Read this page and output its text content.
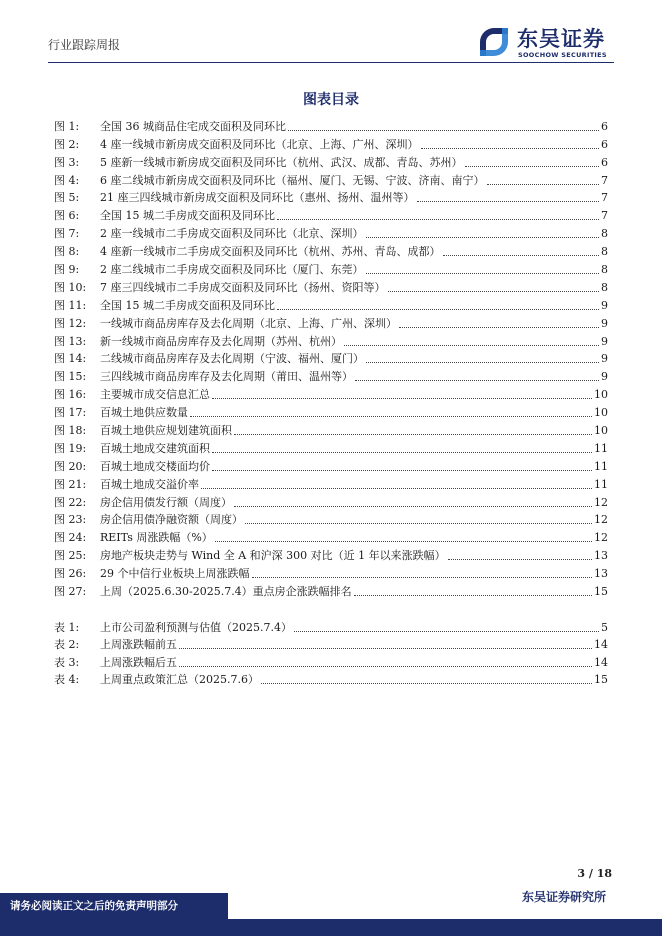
行业跟踪周报	东吴证券
SOOCHOW SECURITIES
图表目录
图 1:	全国 36 城商品住宅成交面积及同环比	6
图 2:	4 座一线城市新房成交面积及同环比（北京、上海、广州、深圳）	6
图 3:	5 座新一线城市新房成交面积及同环比（杭州、武汉、成都、青岛、苏州）	6
图 4:	6 座二线城市新房成交面积及同环比（福州、厦门、无锡、宁波、济南、南宁）	7
图 5:	21 座三四线城市新房成交面积及同环比（惠州、扬州、温州等）	7
图 6:	全国 15 城二手房成交面积及同环比	7
图 7:	2 座一线城市二手房成交面积及同环比（北京、深圳）	8
图 8:	4 座新一线城市二手房成交面积及同环比（杭州、苏州、青岛、成都）	8
图 9:	2 座二线城市二手房成交面积及同环比（厦门、东莞）	8
图 10:	7 座三四线城市二手房成交面积及同环比（扬州、资阳等）	8
图 11:	全国 15 城二手房成交面积及同环比	9
图 12:	一线城市商品房库存及去化周期（北京、上海、广州、深圳）	9
图 13:	新一线城市商品房库存及去化周期（苏州、杭州）	9
图 14:	二线城市商品房库存及去化周期（宁波、福州、厦门）	9
图 15:	三四线城市商品房库存及去化周期（莆田、温州等）	9
图 16:	主要城市成交信息汇总	10
图 17:	百城土地供应数量	10
图 18:	百城土地供应规划建筑面积	10
图 19:	百城土地成交建筑面积	11
图 20:	百城土地成交楼面均价	11
图 21:	百城土地成交溢价率	11
图 22:	房企信用债发行额（周度）	12
图 23:	房企信用债净融资额（周度）	12
图 24:	REITs 周涨跌幅（%）	12
图 25:	房地产板块走势与 Wind 全 A 和沪深 300 对比（近 1 年以来涨跌幅）	13
图 26:	29 个中信行业板块上周涨跌幅	13
图 27:	上周（2025.6.30-2025.7.4）重点房企涨跌幅排名	15
表 1:	上市公司盈利预测与估值（2025.7.4）	5
表 2:	上周涨跌幅前五	14
表 3:	上周涨跌幅后五	14
表 4:	上周重点政策汇总（2025.7.6）	15
3 / 18
东吴证券研究所
请务必阅读正文之后的免责声明部分
